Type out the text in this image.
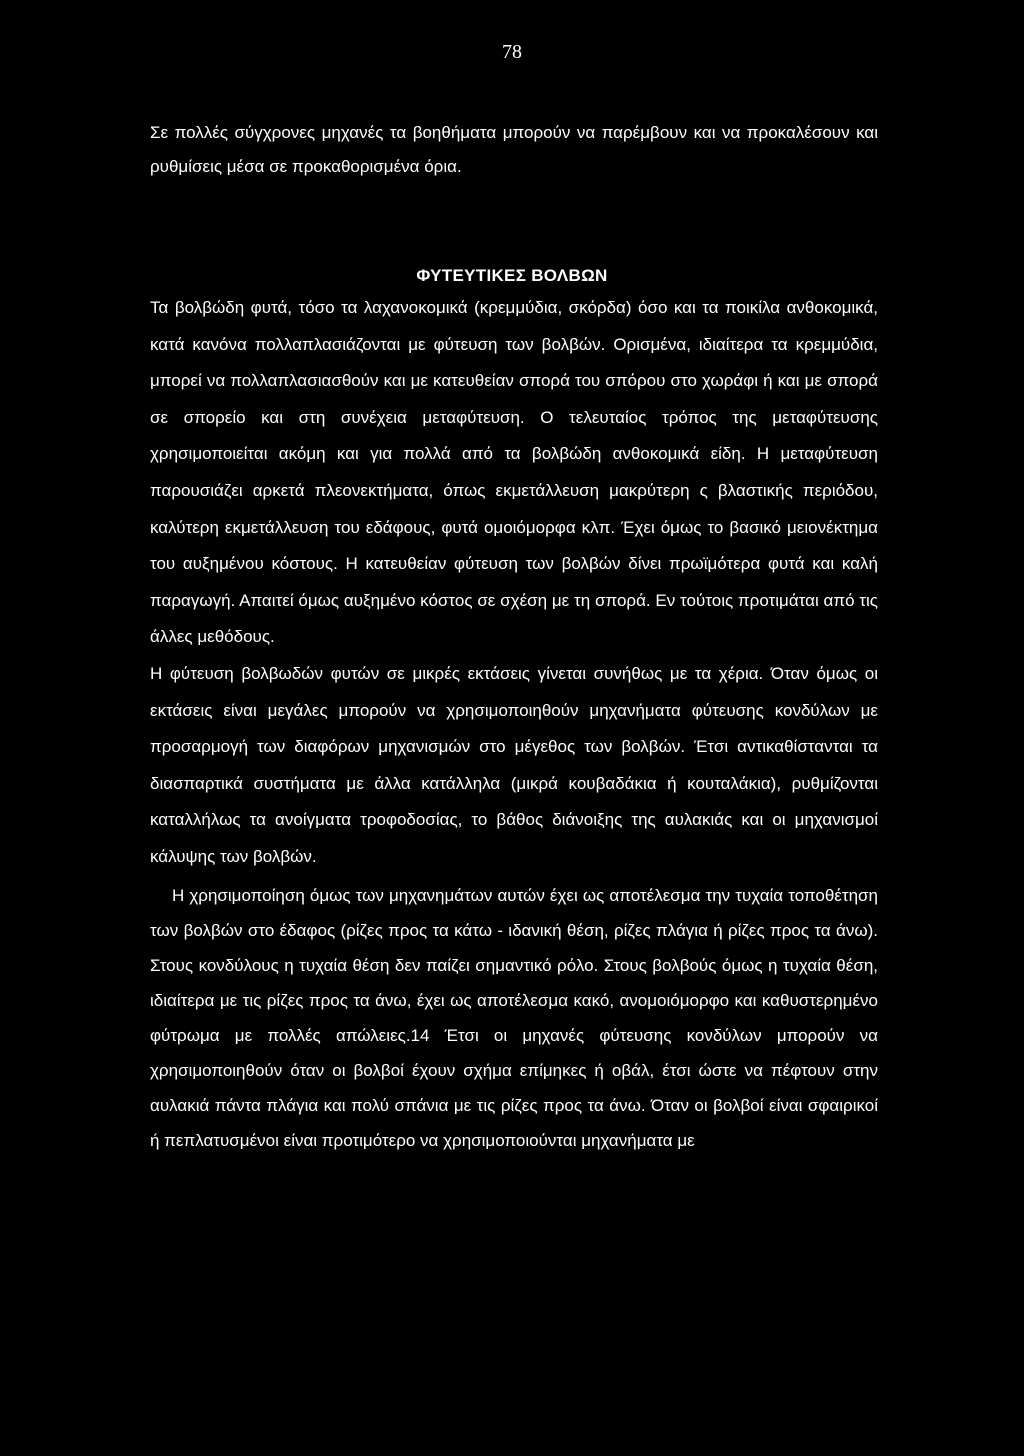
78

Σε πολλές σύγχρονες μηχανές τα βοηθήματα μπορούν να παρέμβουν και να προκαλέσουν και ρυθμίσεις μέσα σε προκαθορισμένα όρια.

ΦΥΤΕΥΤΙΚΕΣ ΒΟΛΒΩΝ

Τα βολβώδη φυτά, τόσο τα λαχανοκομικά (κρεμμύδια, σκόρδα) όσο και τα ποικίλα ανθοκομικά, κατά κανόνα πολλαπλασιάζονται με φύτευση των βολβών. Ορισμένα, ιδιαίτερα τα κρεμμύδια, μπορεί να πολλαπλασιασθούν και με κατευθείαν σπορά του σπόρου στο χωράφι ή και με σπορά σε σπορείο και στη συνέχεια μεταφύτευση. Ο τελευταίος τρόπος της μεταφύτευσης χρησιμοποιείται ακόμη και για πολλά από τα βολβώδη ανθοκομικά είδη. Η μεταφύτευση παρουσιάζει αρκετά πλεονεκτήματα, όπως εκμετάλλευση μακρύτερη ς βλαστικής περιόδου, καλύτερη εκμετάλλευση του εδάφους, φυτά ομοιόμορφα κλπ. Έχει όμως το βασικό μειονέκτημα του αυξημένου κόστους. Η κατευθείαν φύτευση των βολβών δίνει πρωϊμότερα φυτά και καλή παραγωγή. Απαιτεί όμως αυξημένο κόστος σε σχέση με τη σπορά. Εν τούτοις προτιμάται από τις άλλες μεθόδους.

Η φύτευση βολβωδών φυτών σε μικρές εκτάσεις γίνεται συνήθως με τα χέρια. Όταν όμως οι εκτάσεις είναι μεγάλες μπορούν να χρησιμοποιηθούν μηχανήματα φύτευσης κονδύλων με προσαρμογή των διαφόρων μηχανισμών στο μέγεθος των βολβών. Έτσι αντικαθίστανται τα διασπαρτικά συστήματα με άλλα κατάλληλα (μικρά κουβαδάκια ή κουταλάκια), ρυθμίζονται καταλλήλως τα ανοίγματα τροφοδοσίας, το βάθος διάνοιξης της αυλακιάς και οι μηχανισμοί κάλυψης των βολβών.

Η χρησιμοποίηση όμως των μηχανημάτων αυτών έχει ως αποτέλεσμα την τυχαία τοποθέτηση των βολβών στο έδαφος (ρίζες προς τα κάτω - ιδανική θέση, ρίζες πλάγια ή ρίζες προς τα άνω). Στους κονδύλους η τυχαία θέση δεν παίζει σημαντικό ρόλο. Στους βολβούς όμως η τυχαία θέση, ιδιαίτερα με τις ρίζες προς τα άνω, έχει ως αποτέλεσμα κακό, ανομοιόμορφο και καθυστερημένο φύτρωμα με πολλές απώλειες.14 Έτσι οι μηχανές φύτευσης κονδύλων μπορούν να χρησιμοποιηθούν όταν οι βολβοί έχουν σχήμα επίμηκες ή οβάλ, έτσι ώστε να πέφτουν στην αυλακιά πάντα πλάγια και πολύ σπάνια με τις ρίζες προς τα άνω. Όταν οι βολβοί είναι σφαιρικοί ή πεπλατυσμένοι είναι προτιμότερο να χρησιμοποιούνται μηχανήματα με
